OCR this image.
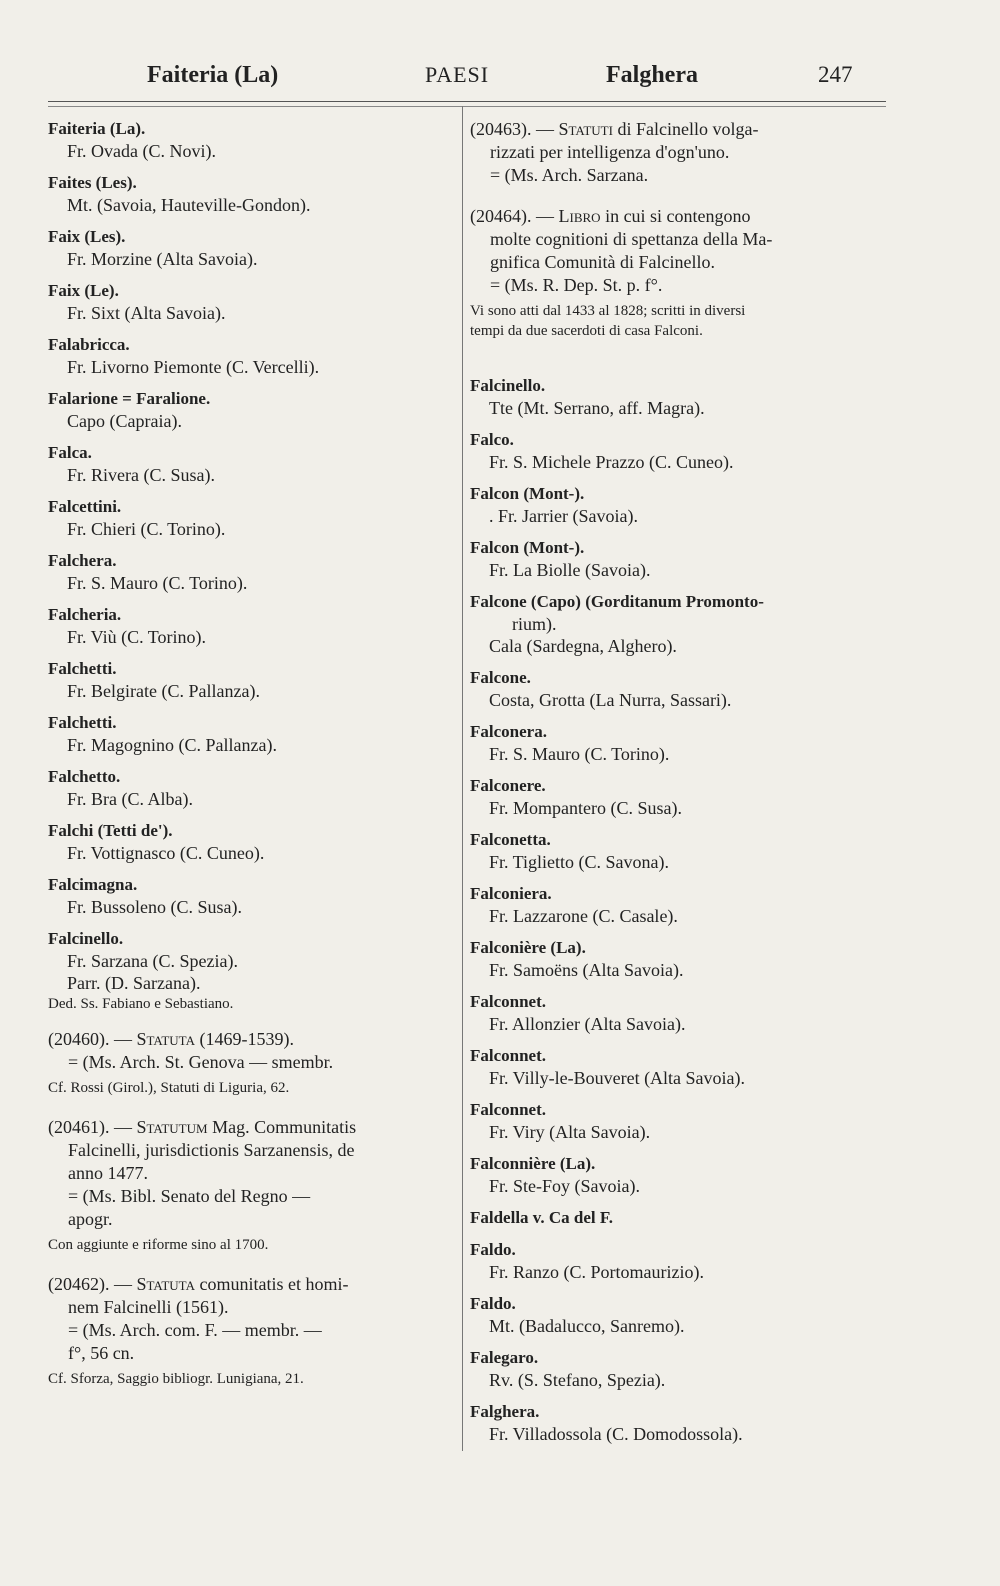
Faiteria (La)	PAESI	Falghera	247
Faiteria (La).
Fr. Ovada (C. Novi).
Faites (Les).
Mt. (Savoia, Hauteville-Gondon).
Faix (Les).
Fr. Morzine (Alta Savoia).
Faix (Le).
Fr. Sixt (Alta Savoia).
Falabricca.
Fr. Livorno Piemonte (C. Vercelli).
Falarione = Faralione.
Capo (Capraia).
Falca.
Fr. Rivera (C. Susa).
Falcettini.
Fr. Chieri (C. Torino).
Falchera.
Fr. S. Mauro (C. Torino).
Falcheria.
Fr. Viù (C. Torino).
Falchetti.
Fr. Belgirate (C. Pallanza).
Falchetti.
Fr. Magognino (C. Pallanza).
Falchetto.
Fr. Bra (C. Alba).
Falchi (Tetti de').
Fr. Vottignasco (C. Cuneo).
Falcimagna.
Fr. Bussoleno (C. Susa).
Falcinello.
Fr. Sarzana (C. Spezia).
Parr. (D. Sarzana).
Ded. Ss. Fabiano e Sebastiano.
(20460). — Statuta (1469-1539).
= (Ms. Arch. St. Genova — smembr.
Cf. Rossi (Girol.), Statuti di Liguria, 62.
(20461). — Statutum Mag. Communitatis
Falcinelli, jurisdictionis Sarzanensis, de
anno 1477.
= (Ms. Bibl. Senato del Regno —
apogr.
Con aggiunte e riforme sino al 1700.
(20462). — Statuta comunitatis et homi-
nem Falcinelli (1561).
= (Ms. Arch. com. F. — membr. —
f°, 56 cn.
Cf. Sforza, Saggio bibliogr. Lunigiana, 21.
(20463). — Statuti di Falcinello volga-
rizzati per intelligenza d'ogn'uno.
= (Ms. Arch. Sarzana.
(20464). — Libro in cui si contengono
molte cognitioni di spettanza della Ma-
gnifica Comunità di Falcinello.
= (Ms. R. Dep. St. p. f°.
Vi sono atti dal 1433 al 1828; scritti in diversi
tempi da due sacerdoti di casa Falconi.
Falcinello.
Tte (Mt. Serrano, aff. Magra).
Falco.
Fr. S. Michele Prazzo (C. Cuneo).
Falcon (Mont-).
. Fr. Jarrier (Savoia).
Falcon (Mont-).
Fr. La Biolle (Savoia).
Falcone (Capo) (Gorditanum Promonto-
rium).
Cala (Sardegna, Alghero).
Falcone.
Costa, Grotta (La Nurra, Sassari).
Falconera.
Fr. S. Mauro (C. Torino).
Falconere.
Fr. Mompantero (C. Susa).
Falconetta.
Fr. Tiglietto (C. Savona).
Falconiera.
Fr. Lazzarone (C. Casale).
Falconière (La).
Fr. Samoëns (Alta Savoia).
Falconnet.
Fr. Allonzier (Alta Savoia).
Falconnet.
Fr. Villy-le-Bouveret (Alta Savoia).
Falconnet.
Fr. Viry (Alta Savoia).
Falconnière (La).
Fr. Ste-Foy (Savoia).
Faldella v. Ca del F.
Faldo.
Fr. Ranzo (C. Portomaurizio).
Faldo.
Mt. (Badalucco, Sanremo).
Falegaro.
Rv. (S. Stefano, Spezia).
Falghera.
Fr. Villadossola (C. Domodossola).
